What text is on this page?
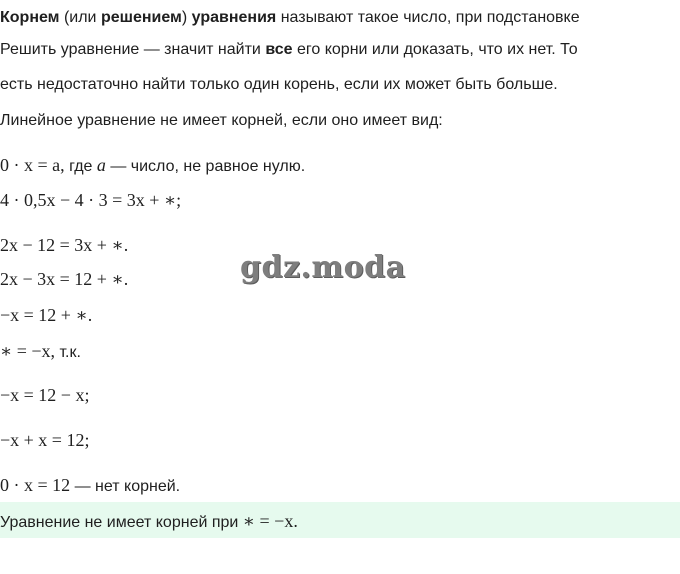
Корнем (или решением) уравнения называют такое число, при подстановке
Решить уравнение — значит найти все его корни или доказать, что их нет. То
есть недостаточно найти только один корень, если их может быть больше.
Линейное уравнение не имеет корней, если оно имеет вид:
0 · x = a, где a — число, не равное нулю.
4 · 0,5x − 4 · 3 = 3x + ∗;
2x − 12 = 3x + ∗.
2x − 3x = 12 + ∗.
−x = 12 + ∗.
∗ = −x, т.к.
−x = 12 − x;
−x + x = 12;
0 · x = 12 — нет корней.
Уравнение не имеет корней при ∗ = −x.
gdz.moda
